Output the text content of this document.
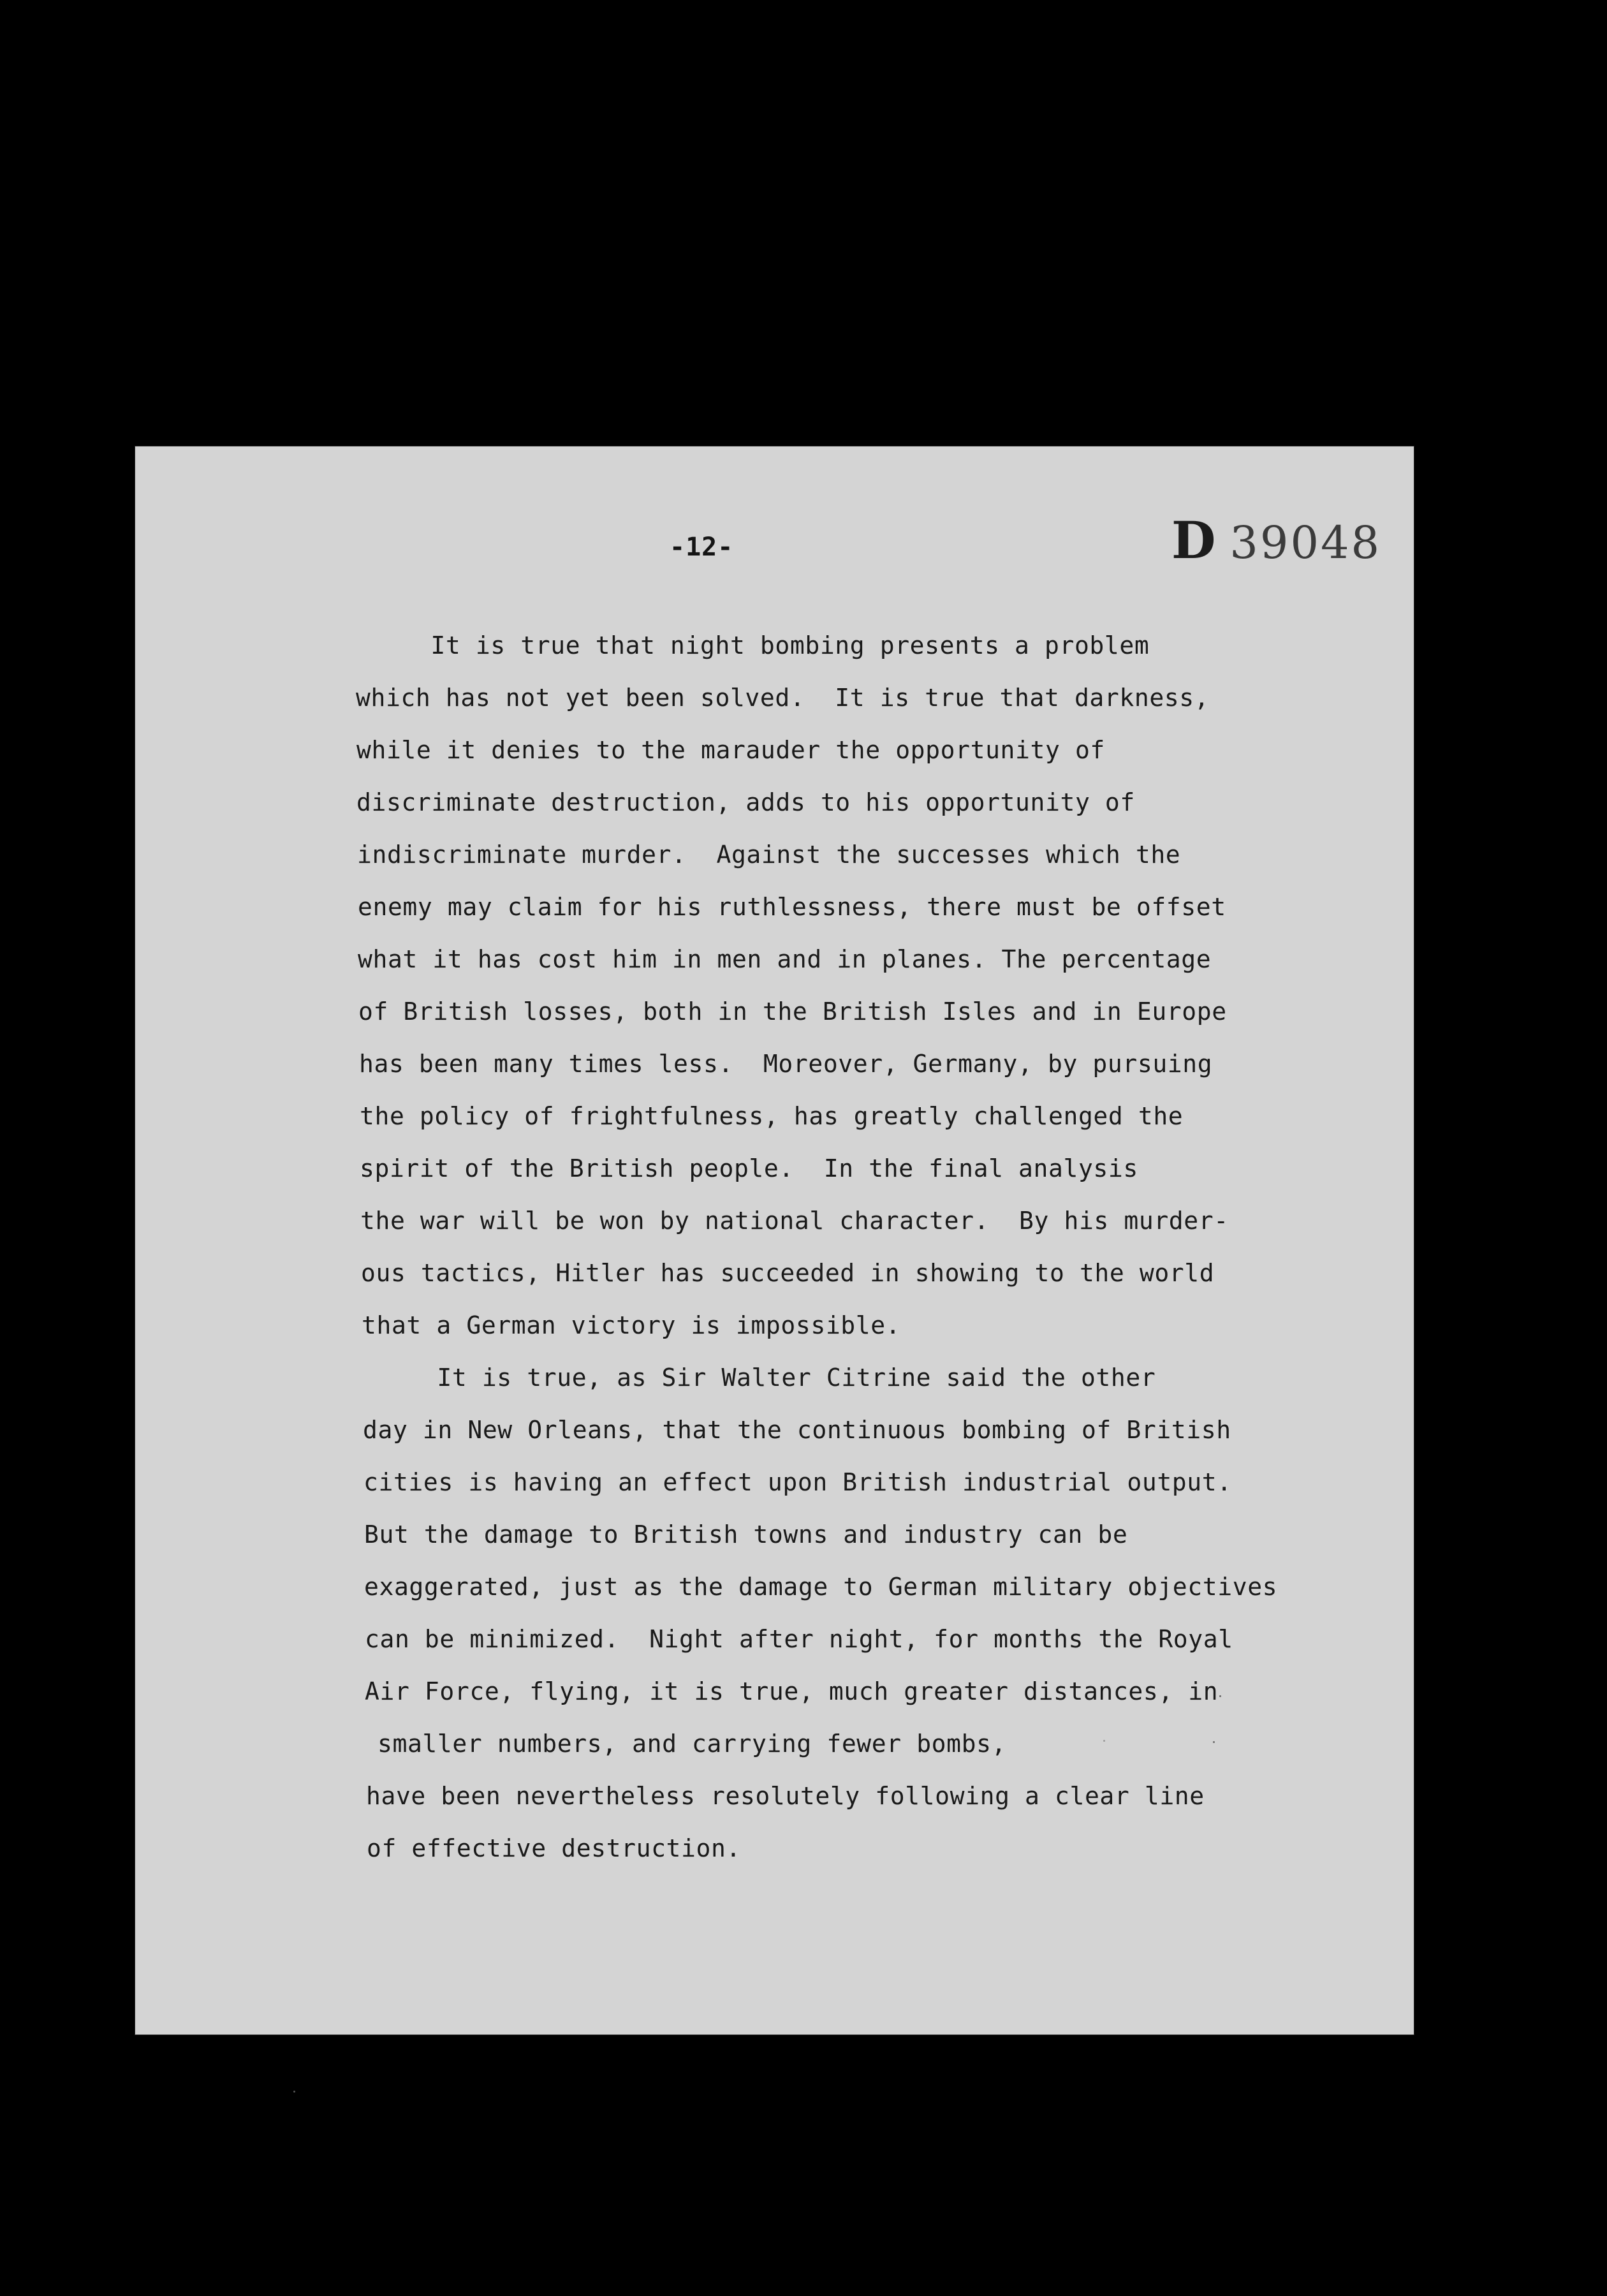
-12-	D 39048
It is true that night bombing presents a problem
which has not yet been solved.  It is true that darkness,
while it denies to the marauder the opportunity of
discriminate destruction, adds to his opportunity of
indiscriminate murder.  Against the successes which the
enemy may claim for his ruthlessness, there must be offset
what it has cost him in men and in planes. The percentage
of British losses, both in the British Isles and in Europe
has been many times less.  Moreover, Germany, by pursuing
the policy of frightfulness, has greatly challenged the
spirit of the British people.  In the final analysis
the war will be won by national character.  By his murder-
ous tactics, Hitler has succeeded in showing to the world
that a German victory is impossible.
It is true, as Sir Walter Citrine said the other
day in New Orleans, that the continuous bombing of British
cities is having an effect upon British industrial output.
But the damage to British towns and industry can be
exaggerated, just as the damage to German military objectives
can be minimized.  Night after night, for months the Royal
Air Force, flying, it is true, much greater distances, in
smaller numbers, and carrying fewer bombs,
have been nevertheless resolutely following a clear line
of effective destruction.
